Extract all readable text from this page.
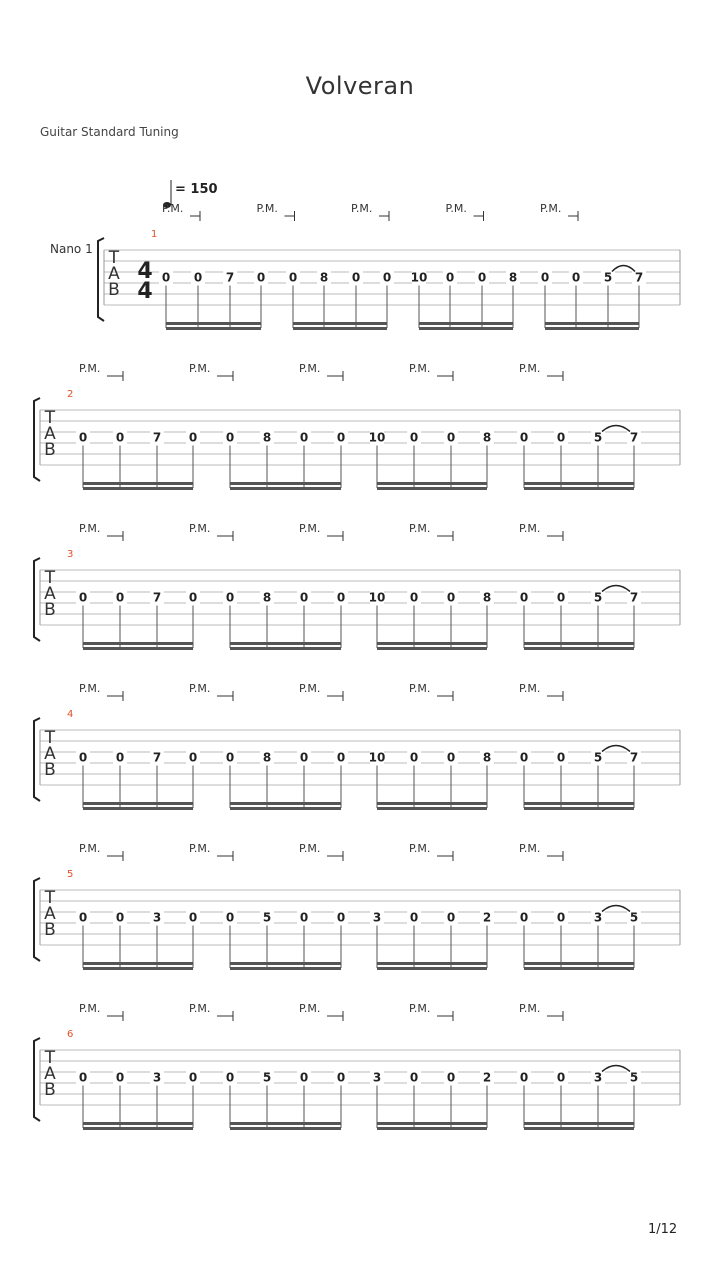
Volveran
Guitar Standard Tuning
T
A
B
1
Nano 1
4
4
= 150
0 0 7 0 0 8 0 0 10 0 0 8 0 0 5 7
P.M.	P.M.	P.M.	P.M.	P.M.
T
A
B
2
0 0 7 0 0 8 0 0 10 0 0 8 0 0 5 7
P.M.	P.M.	P.M.	P.M.	P.M.
T
A
B
3
0 0 7 0 0 8 0 0 10 0 0 8 0 0 5 7
P.M.	P.M.	P.M.	P.M.	P.M.
T
A
B
4
0 0 7 0 0 8 0 0 10 0 0 8 0 0 5 7
P.M.	P.M.	P.M.	P.M.	P.M.
T
A
B
5
0 0 3 0 0 5 0 0 3 0 0 2 0 0 3 5
P.M.	P.M.	P.M.	P.M.	P.M.
T
A
B
6
0 0 3 0 0 5 0 0 3 0 0 2 0 0 3 5
P.M.	P.M.	P.M.	P.M.	P.M.
1/12
